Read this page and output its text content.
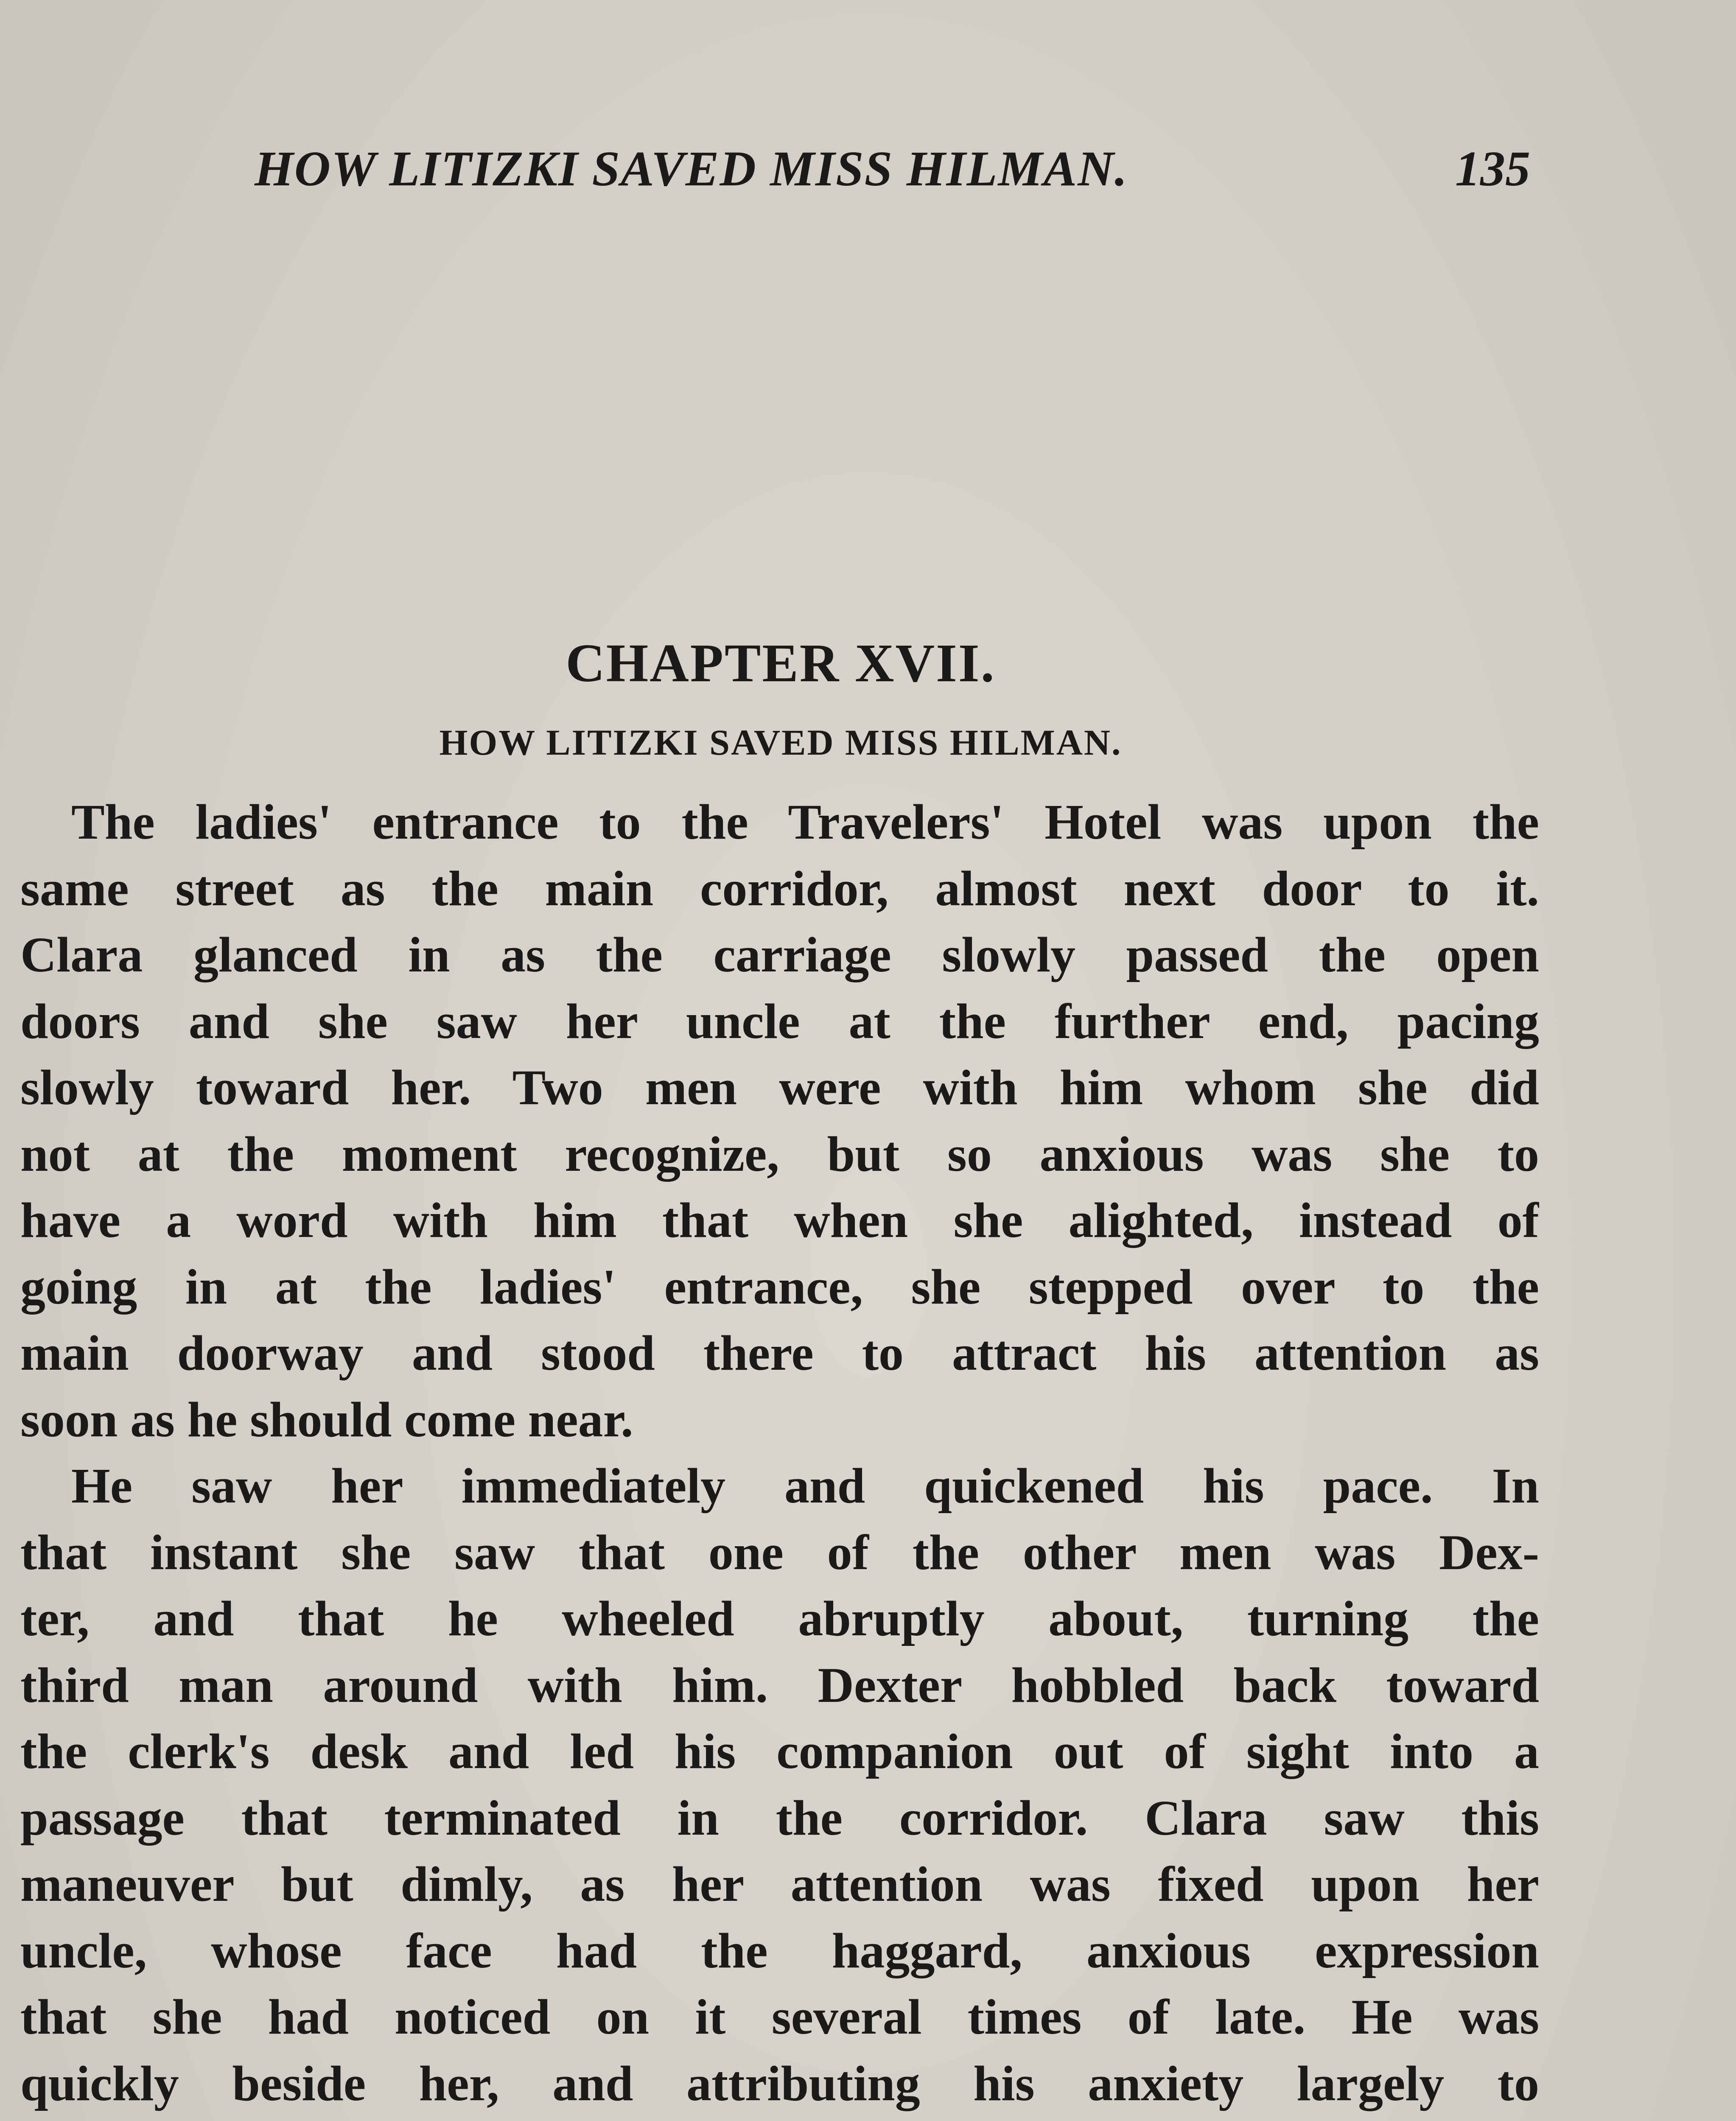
HOW LITIZKI SAVED MISS HILMAN.	135
CHAPTER XVII.
HOW LITIZKI SAVED MISS HILMAN.
The ladies' entrance to the Travelers' Hotel was upon the
same street as the main corridor, almost next door to it.
Clara glanced in as the carriage slowly passed the open
doors and she saw her uncle at the further end, pacing
slowly toward her. Two men were with him whom she did
not at the moment recognize, but so anxious was she to
have a word with him that when she alighted, instead of
going in at the ladies' entrance, she stepped over to the
main doorway and stood there to attract his attention as
soon as he should come near.
He saw her immediately and quickened his pace. In
that instant she saw that one of the other men was Dex-
ter, and that he wheeled abruptly about, turning the
third man around with him. Dexter hobbled back toward
the clerk's desk and led his companion out of sight into a
passage that terminated in the corridor. Clara saw this
maneuver but dimly, as her attention was fixed upon her
uncle, whose face had the haggard, anxious expression
that she had noticed on it several times of late. He was
quickly beside her, and attributing his anxiety largely to
